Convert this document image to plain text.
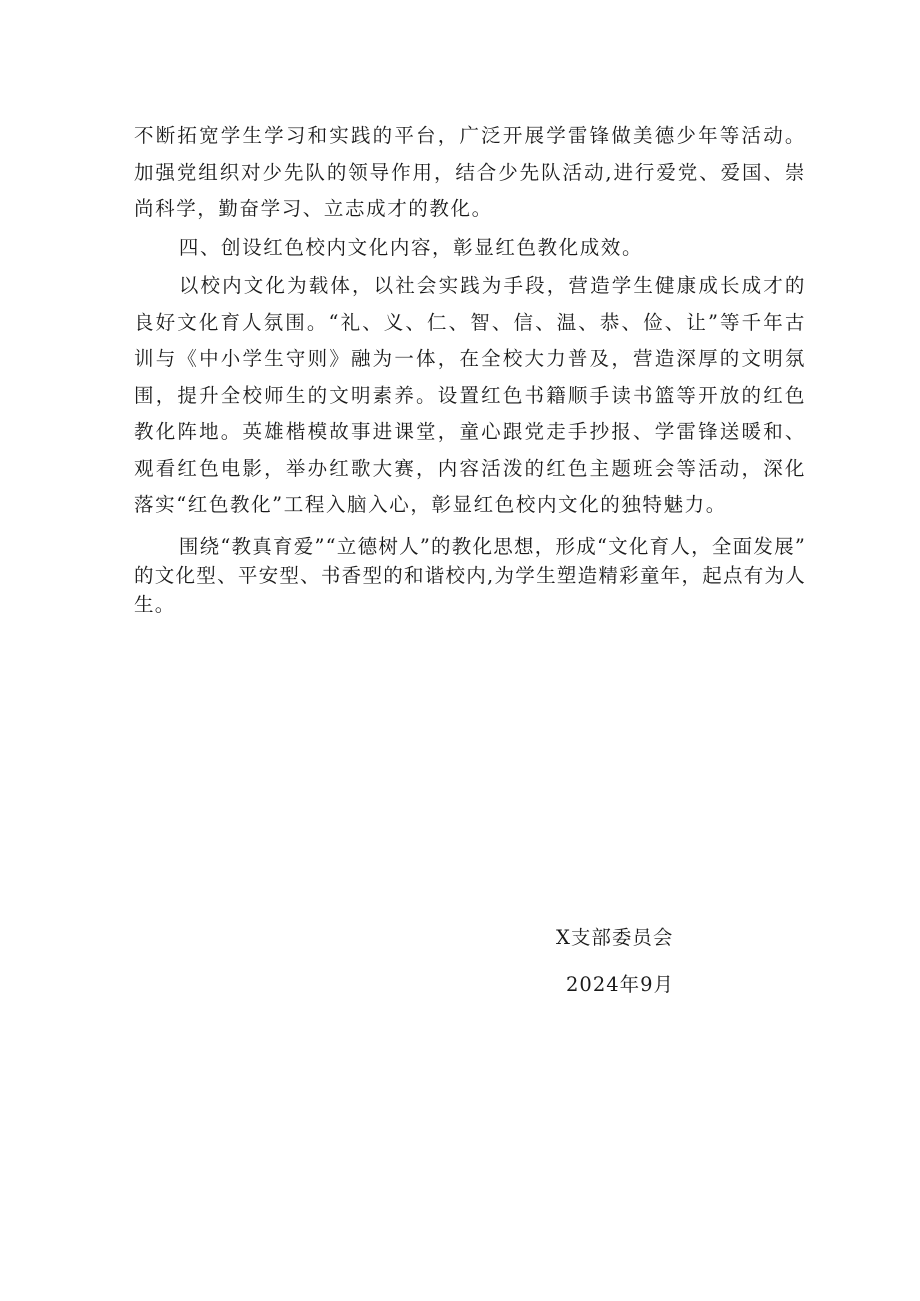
不断拓宽学生学习和实践的平台，广泛开展学雷锋做美德少年等活动。加强党组织对少先队的领导作用，结合少先队活动,进行爱党、爱国、崇尚科学，勤奋学习、立志成才的教化。

四、创设红色校内文化内容，彰显红色教化成效。

以校内文化为载体，以社会实践为手段，营造学生健康成长成才的良好文化育人氛围。“礼、义、仁、智、信、温、恭、俭、让”等千年古训与《中小学生守则》融为一体，在全校大力普及，营造深厚的文明氛围，提升全校师生的文明素养。设置红色书籍顺手读书篮等开放的红色教化阵地。英雄楷模故事进课堂，童心跟党走手抄报、学雷锋送暖和、观看红色电影，举办红歌大赛，内容活泼的红色主题班会等活动，深化落实“红色教化”工程入脑入心，彰显红色校内文化的独特魅力。

围绕“教真育爱”“立德树人”的教化思想，形成“文化育人，全面发展”的文化型、平安型、书香型的和谐校内,为学生塑造精彩童年，起点有为人生。

X支部委员会
2024年9月
